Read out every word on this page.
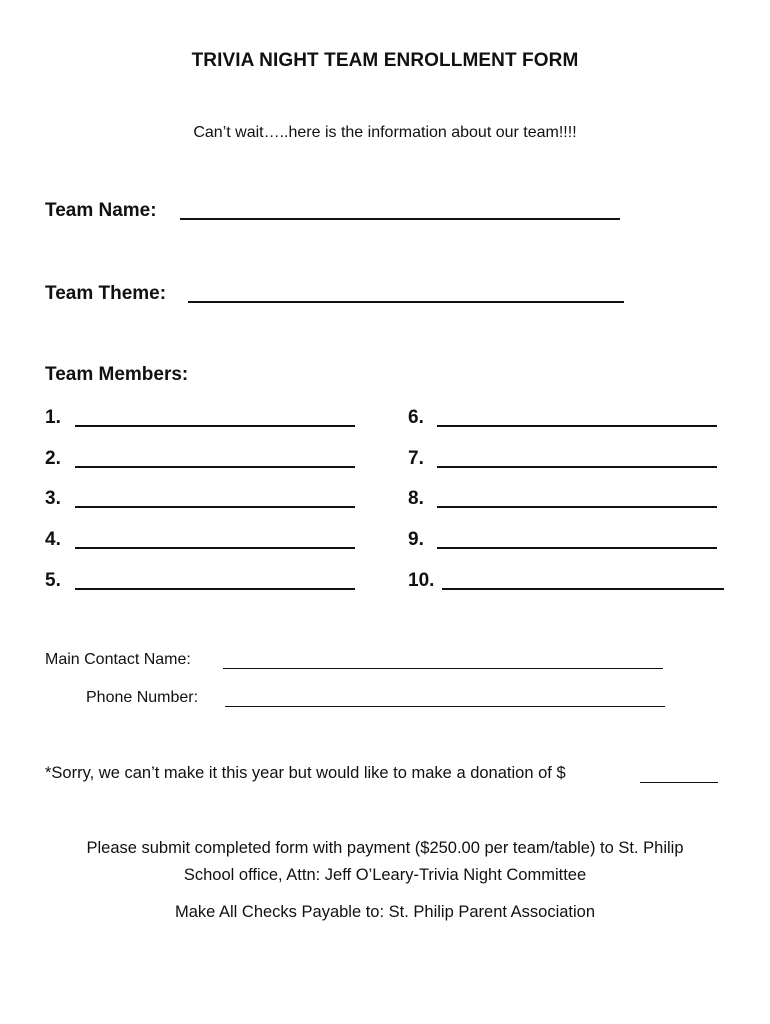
TRIVIA NIGHT TEAM ENROLLMENT FORM
Can’t wait…..here is the information about our team!!!!
Team Name:
Team Theme:
Team Members:
1.
2.
3.
4.
5.
6.
7.
8.
9.
10.
Main Contact Name:
Phone Number:
*Sorry, we can’t make it this year but would like to make a donation of $
Please submit completed form with payment ($250.00 per team/table) to St. Philip
School office, Attn: Jeff O’Leary-Trivia Night Committee
Make All Checks Payable to: St. Philip Parent Association
